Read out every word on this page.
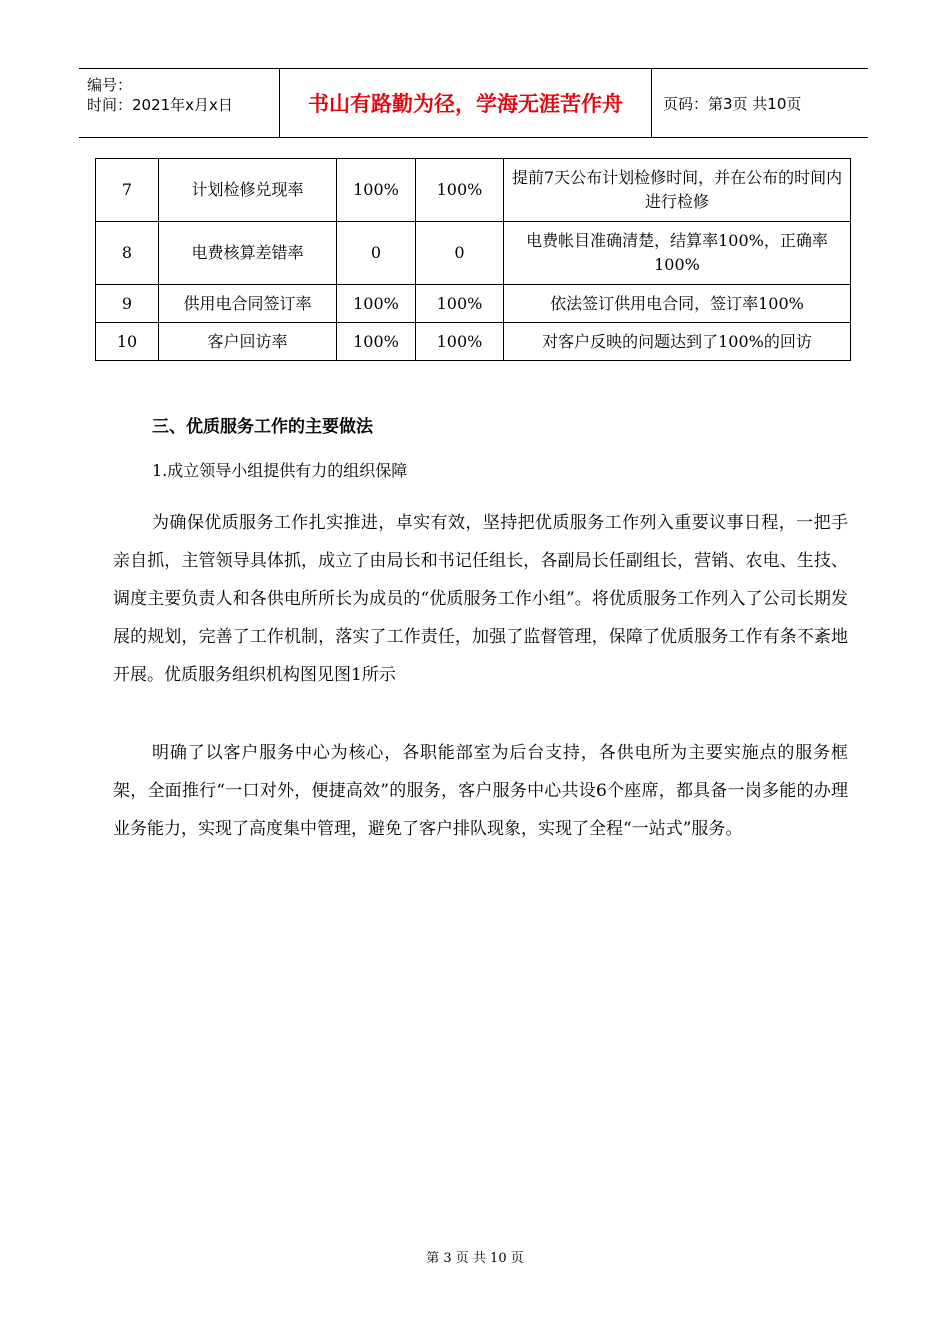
编号：
时间：2021年x月x日	书山有路勤为径，学海无涯苦作舟	页码：第3页 共10页
7	计划检修兑现率	100%	100%	提前7天公布计划检修时间，并在公布的时间内进行检修
8	电费核算差错率	0	0	电费帐目准确清楚，结算率100%，正确率100%
9	供用电合同签订率	100%	100%	依法签订供用电合同，签订率100%
10	客户回访率	100%	100%	对客户反映的问题达到了100%的回访
三、优质服务工作的主要做法
1.成立领导小组提供有力的组织保障

为确保优质服务工作扎实推进，卓实有效，坚持把优质服务工作列入重要议事日程，一把手亲自抓，主管领导具体抓，成立了由局长和书记任组长，各副局长任副组长，营销、农电、生技、调度主要负责人和各供电所所长为成员的“优质服务工作小组”。将优质服务工作列入了公司长期发展的规划，完善了工作机制，落实了工作责任，加强了监督管理，保障了优质服务工作有条不紊地开展。优质服务组织机构图见图1所示

明确了以客户服务中心为核心，各职能部室为后台支持，各供电所为主要实施点的服务框架，全面推行“一口对外，便捷高效”的服务，客户服务中心共设6个座席，都具备一岗多能的办理业务能力，实现了高度集中管理，避免了客户排队现象，实现了全程“一站式”服务。

第 3 页 共 10 页
